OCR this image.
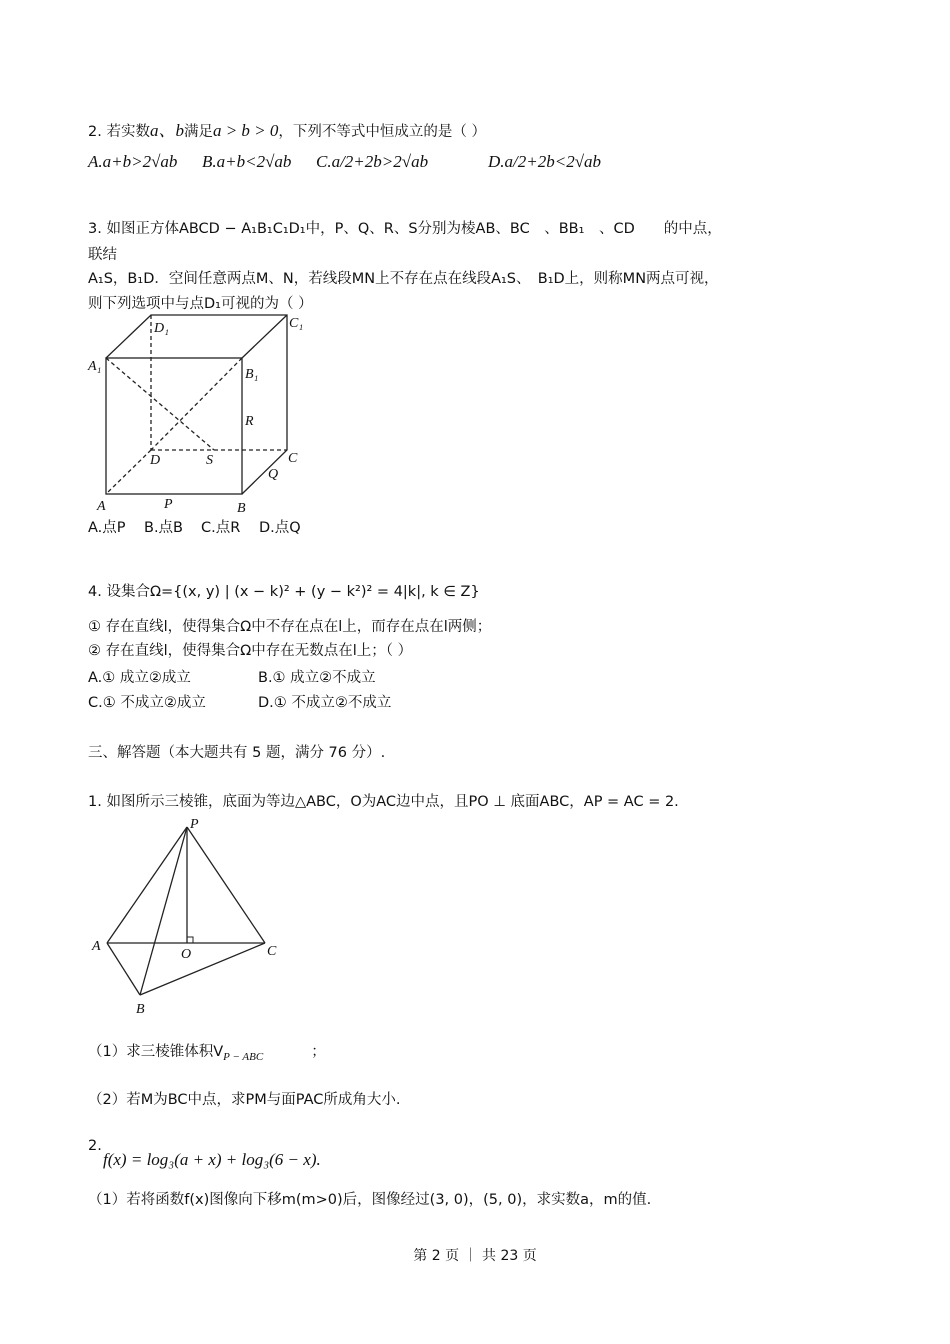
2. 若实数a、b满足a > b > 0，下列不等式中恒成立的是（ ）
A.a+b>2√ab B.a+b<2√ab C.a/2+2b>2√ab	D.a/2+2b<2√ab
3. 如图正方体ABCD − A₁B₁C₁D₁中，P、Q、R、S分别为棱AB、BC　、BB₁　、CD　　的中点，
联结
A₁S，B₁D．空间任意两点M、N，若线段MN上不存在点在线段A₁S、　B₁D上，则称MN两点可视，
则下列选项中与点D₁可视的为（ ）
A	B
C
D
A₁
B₁
C₁
D₁
P
Q
R
S
A.点P B.点B C.点R D.点Q
4. 设集合Ω={(x, y) | (x − k)² + (y − k²)² = 4|k|, k ∈ Z}
① 存在直线l，使得集合Ω中不存在点在l上，而存在点在l两侧；
② 存在直线l，使得集合Ω中存在无数点在l上；（ ）
A.① 成立②成立	B.① 成立②不成立
C.① 不成立②成立	D.① 不成立②不成立
三、解答题（本大题共有 5 题，满分 76 分）.
1. 如图所示三棱锥，底面为等边△ABC，O为AC边中点，且PO ⊥ 底面ABC，AP = AC = 2.
P
A
B
C
O
（1）求三棱锥体积$V_{P - ABC}$	；
（2）若M为BC中点，求PM与面PAC所成角大小.
2.
f(x) = log₃(a + x) + log₃(6 − x).
（1）若将函数f(x)图像向下移m(m>0)后，图像经过(3, 0)，(5, 0)，求实数a，m的值.
第 2 页 ｜ 共 23 页
